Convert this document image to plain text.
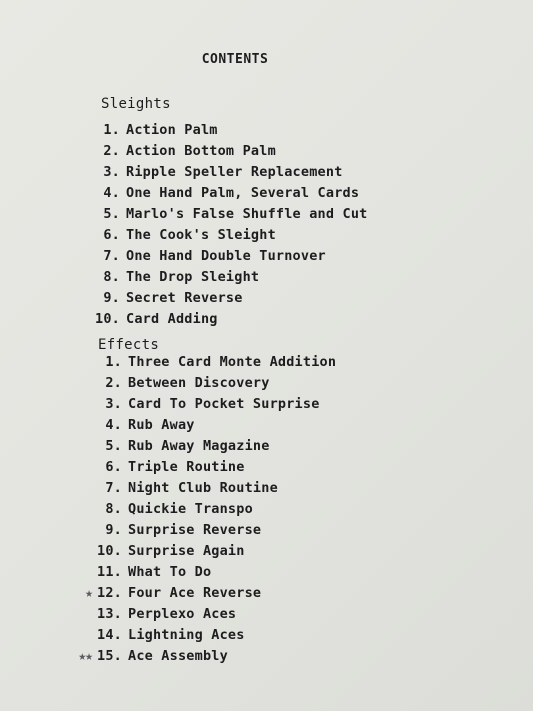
CONTENTS
Sleights
1. Action Palm
2. Action Bottom Palm
3. Ripple Speller Replacement
4. One Hand Palm, Several Cards
5. Marlo's False Shuffle and Cut
6. The Cook's Sleight
7. One Hand Double Turnover
8. The Drop Sleight
9. Secret Reverse
10. Card Adding
Effects
1. Three Card Monte Addition
2. Between Discovery
3. Card To Pocket Surprise
4. Rub Away
5. Rub Away Magazine
6. Triple Routine
7. Night Club Routine
8. Quickie Transpo
9. Surprise Reverse
10. Surprise Again
11. What To Do
★ 12. Four Ace Reverse
13. Perplexo Aces
14. Lightning Aces
★★ 15. Ace Assembly
